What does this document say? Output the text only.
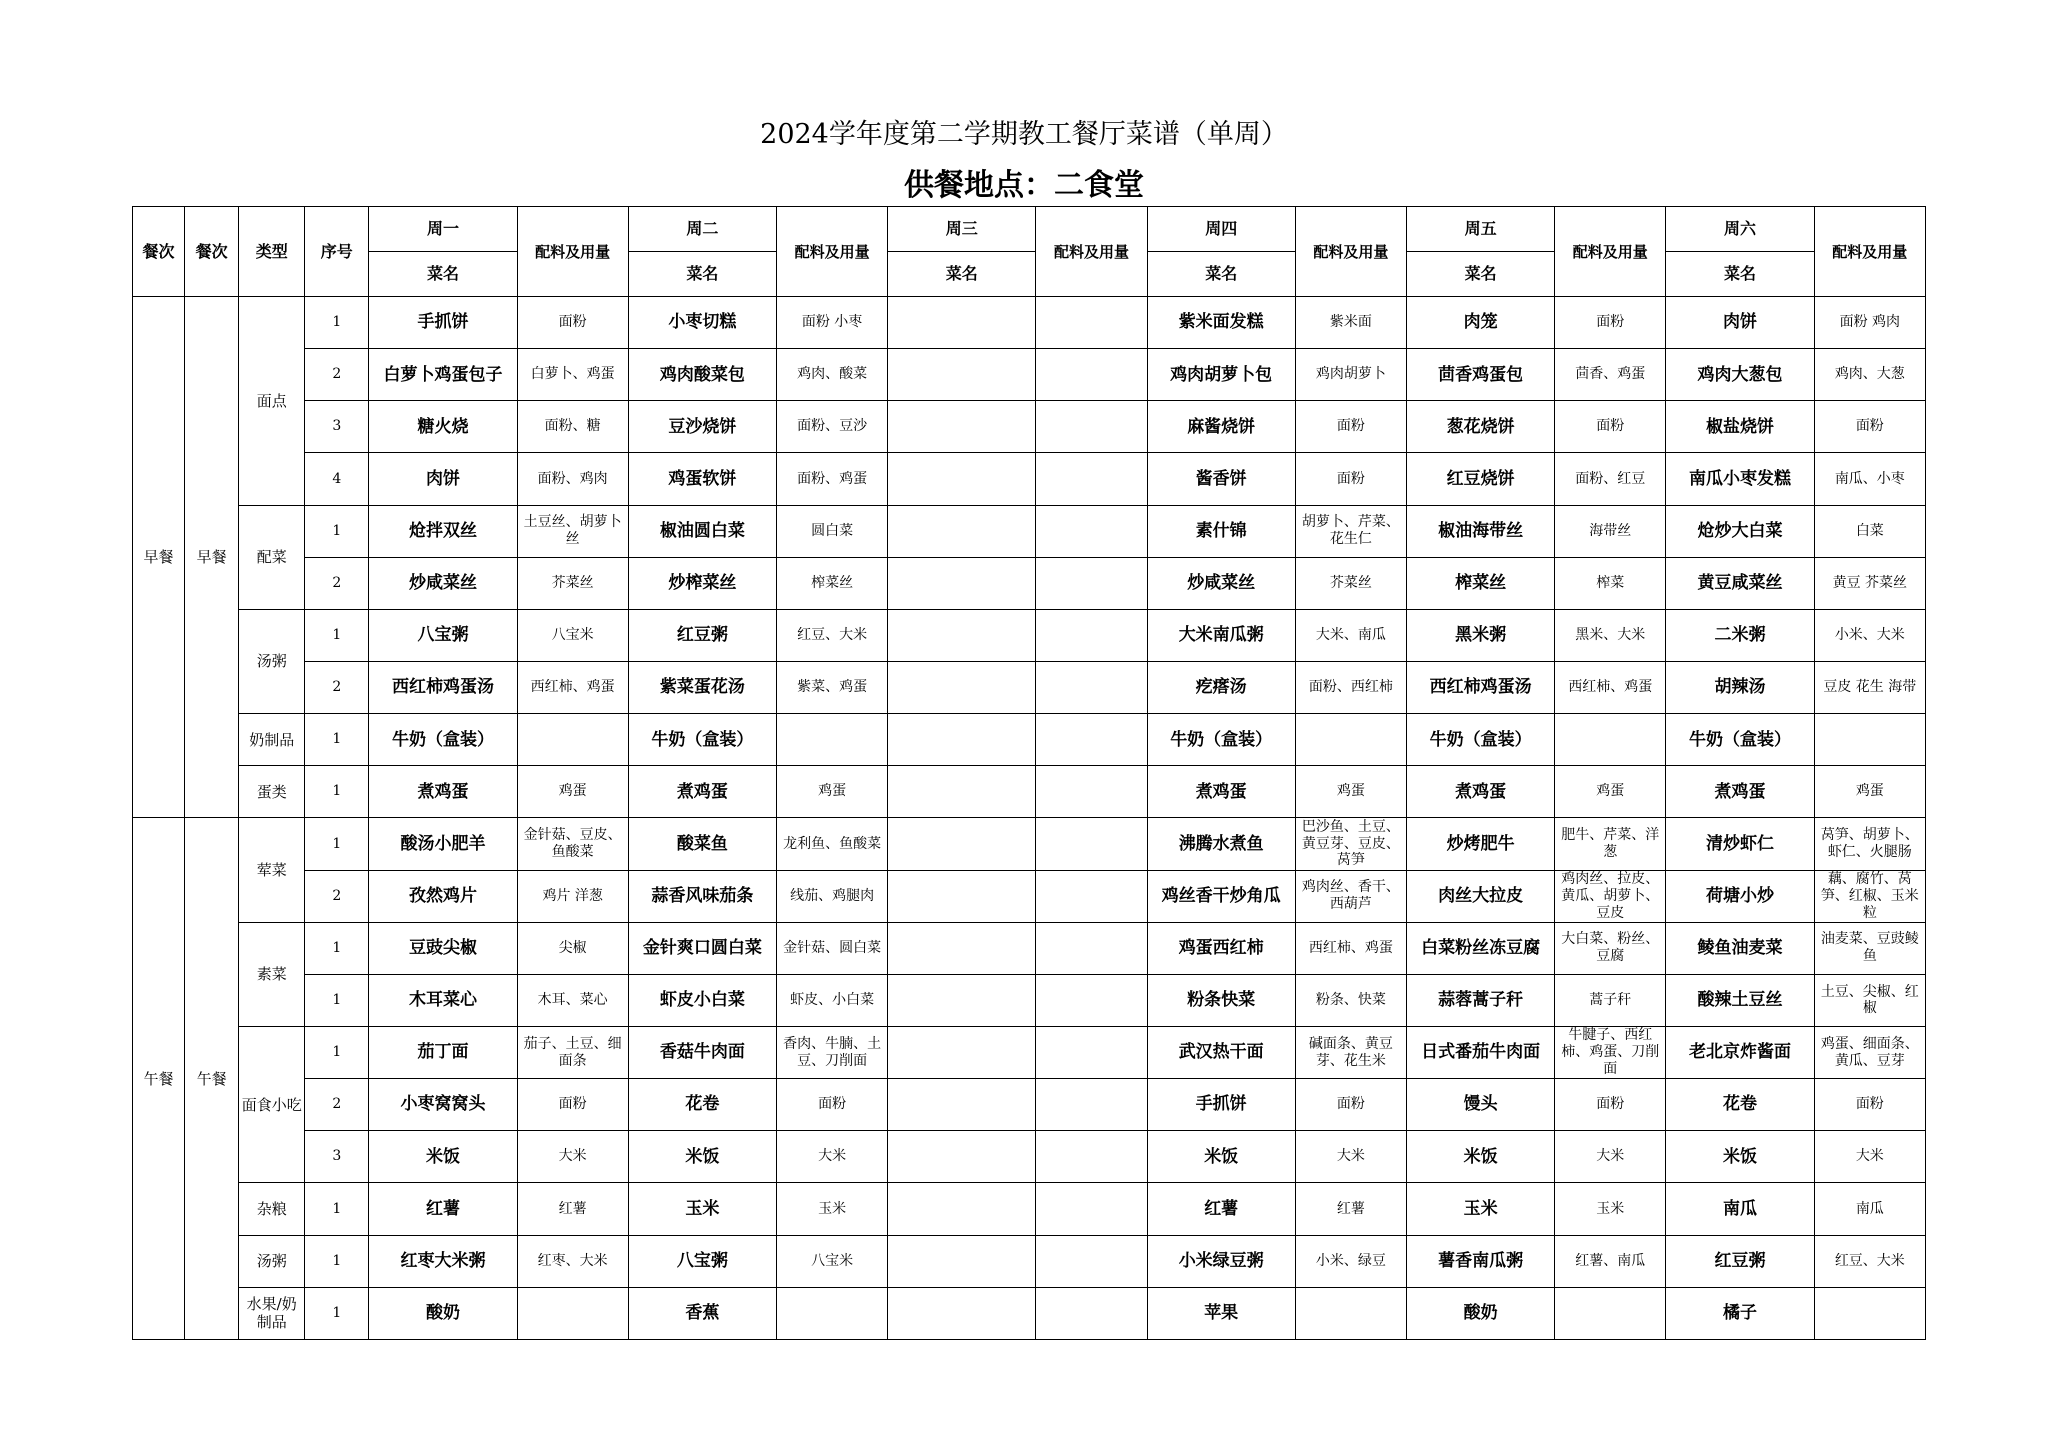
2024学年度第二学期教工餐厅菜谱（单周）
供餐地点：二食堂
餐次	餐次	类型	序号	周一	配料及用量	周二	配料及用量	周三	配料及用量	周四	配料及用量	周五	配料及用量	周六	配料及用量
				菜名		菜名		菜名		菜名		菜名		菜名	
早餐	早餐	面点	1	手抓饼	面粉	小枣切糕	面粉 小枣			紫米面发糕	紫米面	肉笼	面粉	肉饼	面粉 鸡肉
			2	白萝卜鸡蛋包子	白萝卜、鸡蛋	鸡肉酸菜包	鸡肉、酸菜			鸡肉胡萝卜包	鸡肉胡萝卜	茴香鸡蛋包	茴香、鸡蛋	鸡肉大葱包	鸡肉、大葱
			3	糖火烧	面粉、糖	豆沙烧饼	面粉、豆沙			麻酱烧饼	面粉	葱花烧饼	面粉	椒盐烧饼	面粉
			4	肉饼	面粉、鸡肉	鸡蛋软饼	面粉、鸡蛋			酱香饼	面粉	红豆烧饼	面粉、红豆	南瓜小枣发糕	南瓜、小枣
		配菜	1	炝拌双丝	土豆丝、胡萝卜丝	椒油圆白菜	圆白菜			素什锦	胡萝卜、芹菜、花生仁	椒油海带丝	海带丝	炝炒大白菜	白菜
			2	炒咸菜丝	芥菜丝	炒榨菜丝	榨菜丝			炒咸菜丝	芥菜丝	榨菜丝	榨菜	黄豆咸菜丝	黄豆 芥菜丝
		汤粥	1	八宝粥	八宝米	红豆粥	红豆、大米			大米南瓜粥	大米、南瓜	黑米粥	黑米、大米	二米粥	小米、大米
			2	西红柿鸡蛋汤	西红柿、鸡蛋	紫菜蛋花汤	紫菜、鸡蛋			疙瘩汤	面粉、西红柿	西红柿鸡蛋汤	西红柿、鸡蛋	胡辣汤	豆皮 花生 海带
		奶制品	1	牛奶（盒装）		牛奶（盒装）				牛奶（盒装）		牛奶（盒装）		牛奶（盒装）	
		蛋类	1	煮鸡蛋	鸡蛋	煮鸡蛋	鸡蛋			煮鸡蛋	鸡蛋	煮鸡蛋	鸡蛋	煮鸡蛋	鸡蛋
午餐	午餐	荤菜	1	酸汤小肥羊	金针菇、豆皮、鱼酸菜	酸菜鱼	龙利鱼、鱼酸菜			沸腾水煮鱼	巴沙鱼、土豆、黄豆芽、豆皮、莴笋	炒烤肥牛	肥牛、芹菜、洋葱	清炒虾仁	莴笋、胡萝卜、虾仁、火腿肠
			2	孜然鸡片	鸡片 洋葱	蒜香风味茄条	线茄、鸡腿肉			鸡丝香干炒角瓜	鸡肉丝、香干、西葫芦	肉丝大拉皮	鸡肉丝、拉皮、黄瓜、胡萝卜、豆皮	荷塘小炒	藕、腐竹、莴笋、红椒、玉米粒
		素菜	1	豆豉尖椒	尖椒	金针爽口圆白菜	金针菇、圆白菜			鸡蛋西红柿	西红柿、鸡蛋	白菜粉丝冻豆腐	大白菜、粉丝、豆腐	鲮鱼油麦菜	油麦菜、豆豉鲮鱼
			1	木耳菜心	木耳、菜心	虾皮小白菜	虾皮、小白菜			粉条快菜	粉条、快菜	蒜蓉蒿子秆	蒿子秆	酸辣土豆丝	土豆、尖椒、红椒
		面食小吃	1	茄丁面	茄子、土豆、细面条	香菇牛肉面	香肉、牛腩、土豆、刀削面			武汉热干面	碱面条、黄豆芽、花生米	日式番茄牛肉面	牛腱子、西红柿、鸡蛋、刀削面	老北京炸酱面	鸡蛋、细面条、黄瓜、豆芽
			2	小枣窝窝头	面粉	花卷	面粉			手抓饼	面粉	馒头	面粉	花卷	面粉
			3	米饭	大米	米饭	大米			米饭	大米	米饭	大米	米饭	大米
		杂粮	1	红薯	红薯	玉米	玉米			红薯	红薯	玉米	玉米	南瓜	南瓜
		汤粥	1	红枣大米粥	红枣、大米	八宝粥	八宝米			小米绿豆粥	小米、绿豆	薯香南瓜粥	红薯、南瓜	红豆粥	红豆、大米
		水果/奶制品	1	酸奶		香蕉				苹果		酸奶		橘子	
